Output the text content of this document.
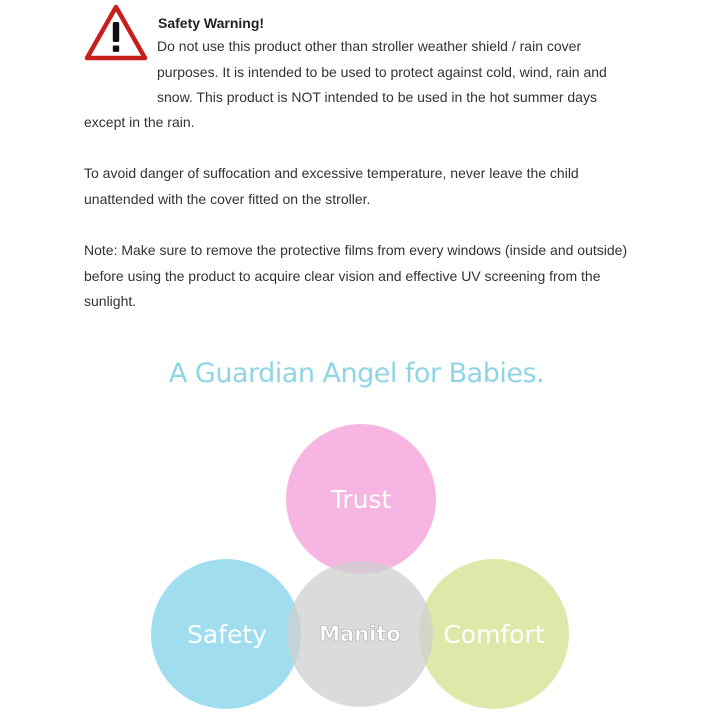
Safety Warning!

Do not use this product other than stroller weather shield / rain cover
purposes. It is intended to be used to protect against cold, wind, rain and
snow. This product is NOT intended to be used in the hot summer days

except in the rain.

To avoid danger of suffocation and excessive temperature, never leave the child unattended with the cover fitted on the stroller.

Note: Make sure to remove the protective films from every windows (inside and outside) before using the product to acquire clear vision and effective UV screening from the sunlight.

A Guardian Angel for Babies.
Trust
Safety Manito Comfort
